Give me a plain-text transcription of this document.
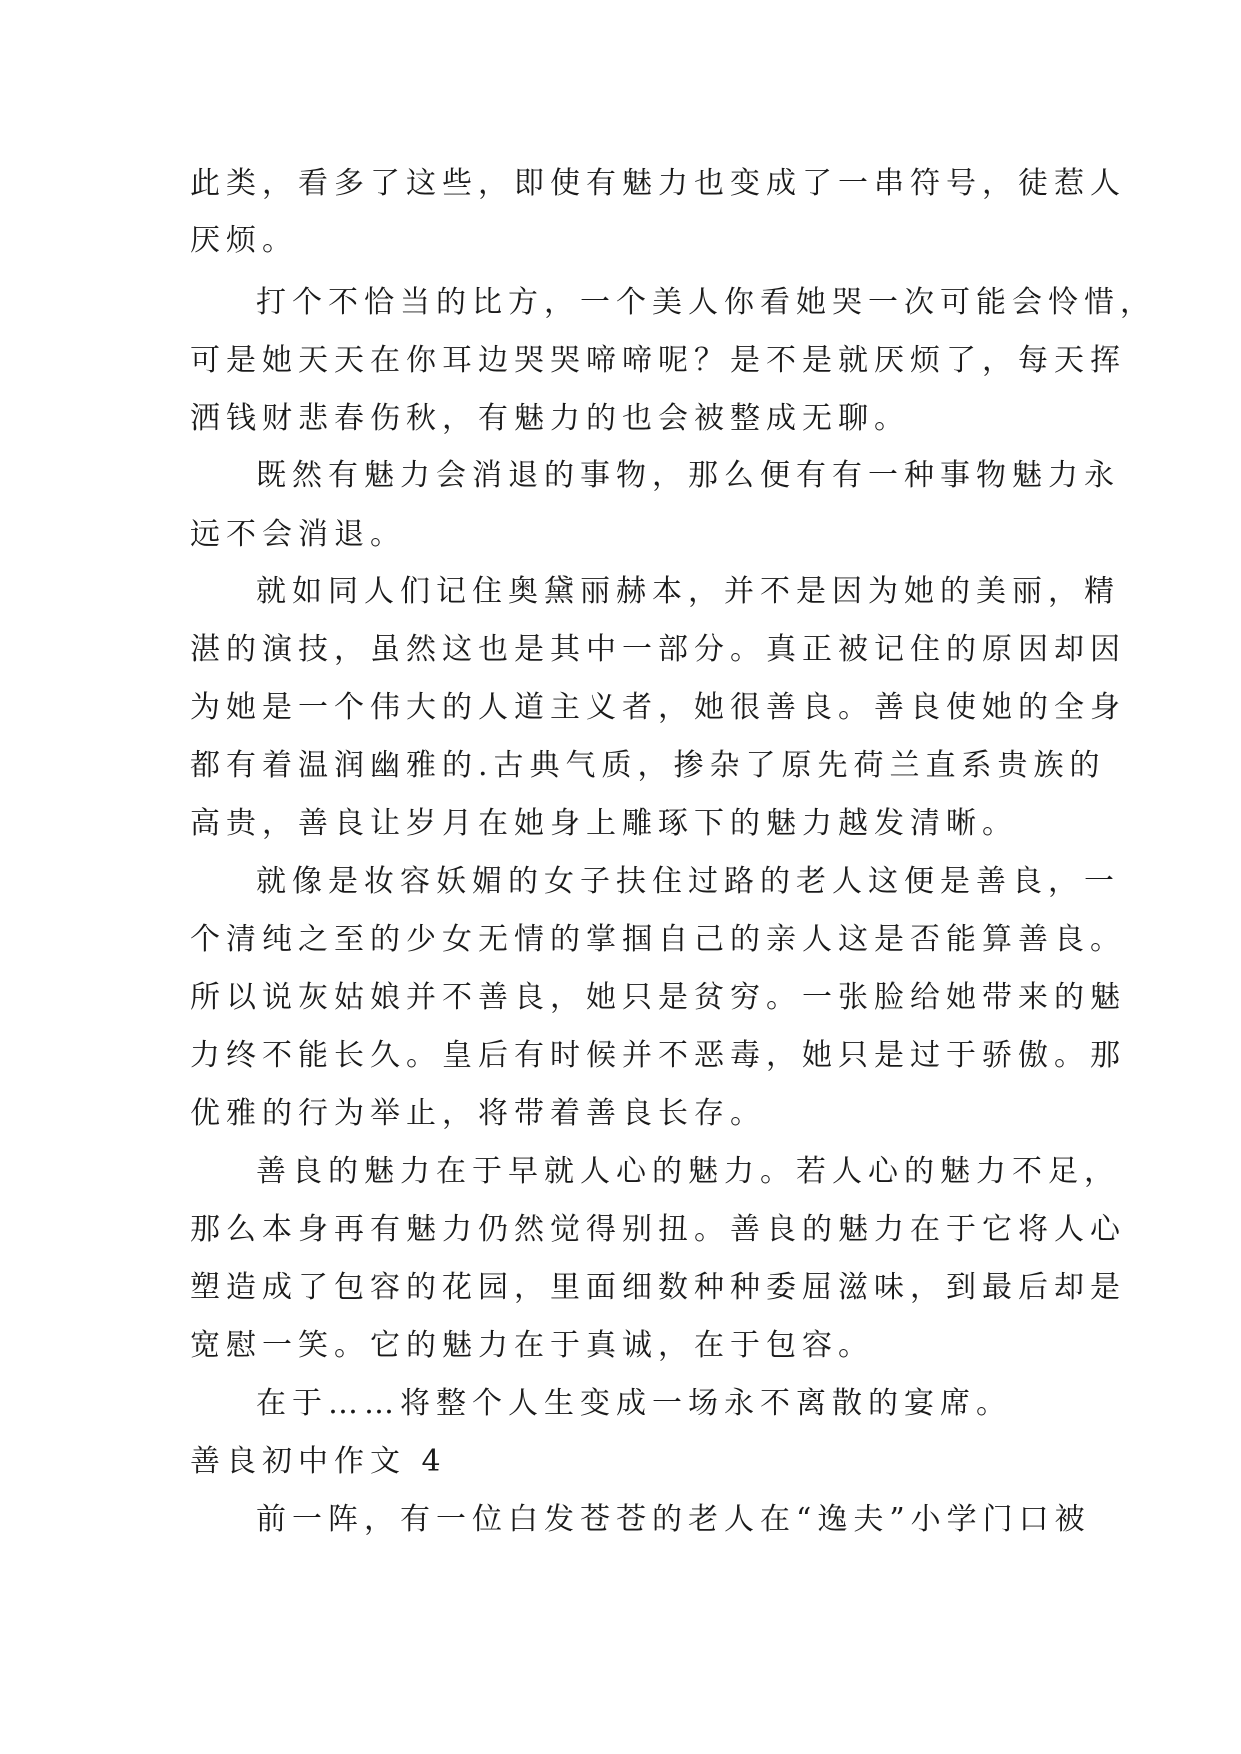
此类，看多了这些，即使有魅力也变成了一串符号，徒惹人
厌烦。
打个不恰当的比方，一个美人你看她哭一次可能会怜惜，
可是她天天在你耳边哭哭啼啼呢？是不是就厌烦了，每天挥
洒钱财悲春伤秋，有魅力的也会被整成无聊。
既然有魅力会消退的事物，那么便有有一种事物魅力永
远不会消退。
就如同人们记住奥黛丽赫本，并不是因为她的美丽，精
湛的演技，虽然这也是其中一部分。真正被记住的原因却因
为她是一个伟大的人道主义者，她很善良。善良使她的全身
都有着温润幽雅的.古典气质，掺杂了原先荷兰直系贵族的
高贵，善良让岁月在她身上雕琢下的魅力越发清晰。
就像是妆容妖媚的女子扶住过路的老人这便是善良，一
个清纯之至的少女无情的掌掴自己的亲人这是否能算善良。
所以说灰姑娘并不善良，她只是贫穷。一张脸给她带来的魅
力终不能长久。皇后有时候并不恶毒，她只是过于骄傲。那
优雅的行为举止，将带着善良长存。
善良的魅力在于早就人心的魅力。若人心的魅力不足，
那么本身再有魅力仍然觉得别扭。善良的魅力在于它将人心
塑造成了包容的花园，里面细数种种委屈滋味，到最后却是
宽慰一笑。它的魅力在于真诚，在于包容。
在于……将整个人生变成一场永不离散的宴席。
善良初中作文 4
前一阵，有一位白发苍苍的老人在“逸夫”小学门口被
